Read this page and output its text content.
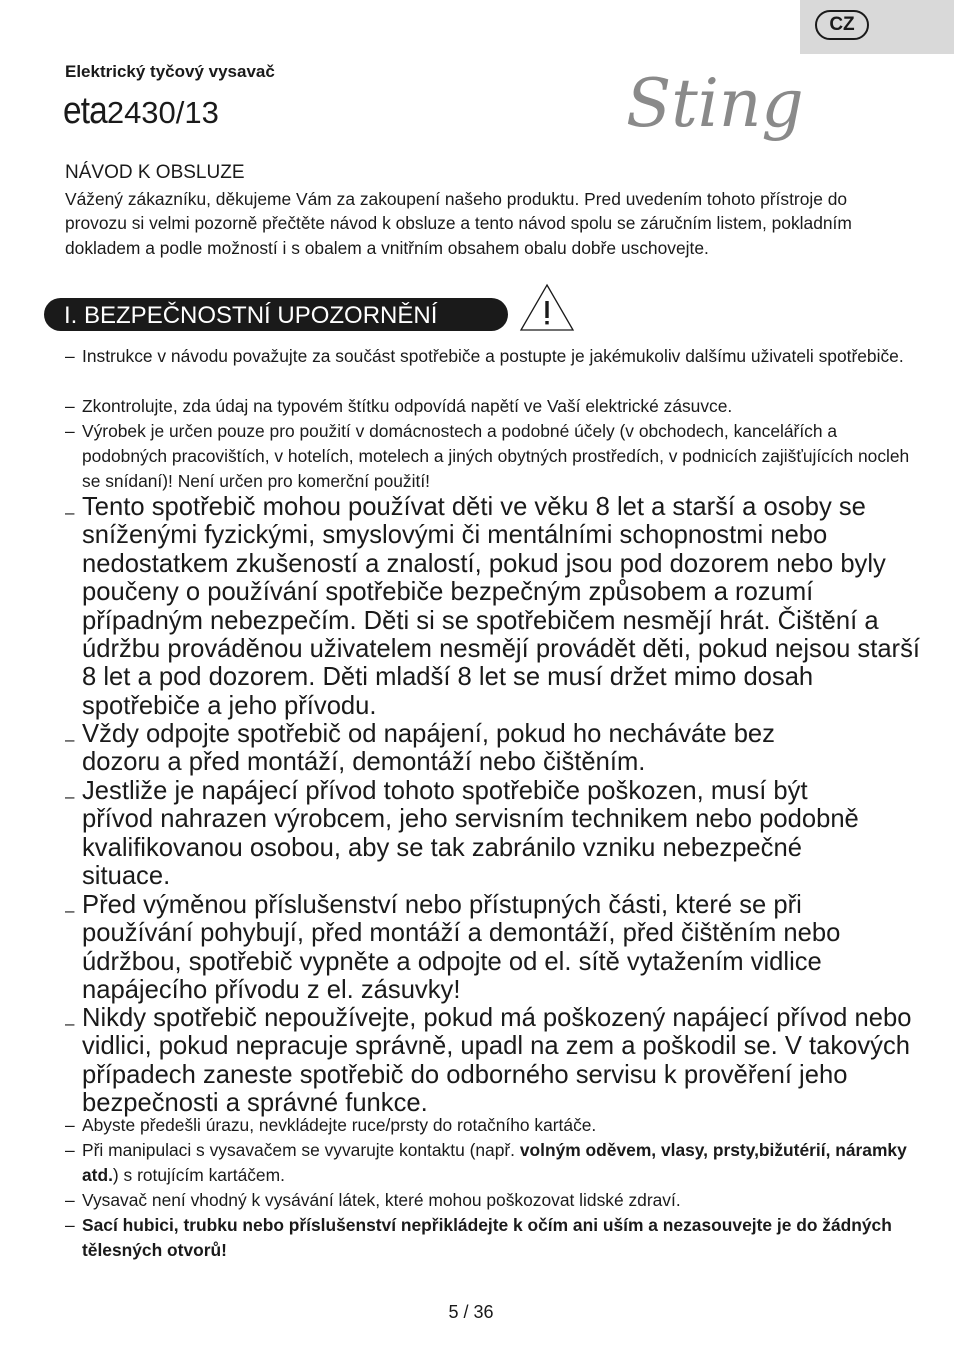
CZ
Elektrický tyčový vysavač
eta2430/13	Sting
NÁVOD K OBSLUZE

Vážený zákazníku, děkujeme Vám za zakoupení našeho produktu. Pred uvedením tohoto přístroje do provozu si velmi pozorně přečtěte návod k obsluze a tento návod spolu se záručním listem, pokladním dokladem a podle možností i s obalem a vnitřním obsahem obalu dobře uschovejte.

I. BEZPEČNOSTNÍ UPOZORNĚNÍ
– Instrukce v návodu považujte za součást spotřebiče a postupte je jakémukoliv dalšímu uživateli spotřebiče.
– Zkontrolujte, zda údaj na typovém štítku odpovídá napětí ve Vaší elektrické zásuvce.
– Výrobek je určen pouze pro použití v domácnostech a podobné účely (v obchodech, kancelářích a podobných pracovištích, v hotelích, motelech a jiných obytných prostředích, v podnicích zajišťujících nocleh se snídaní)! Není určen pro komerční použití!
– Tento spotřebič mohou používat děti ve věku 8 let a starší a osoby se sníženými fyzickými, smyslovými či mentálními schopnostmi nebo nedostatkem zkušeností a znalostí, pokud jsou pod dozorem nebo byly poučeny o používání spotřebiče bezpečným způsobem a rozumí případným nebezpečím. Děti si se spotřebičem nesmějí hrát. Čištění a údržbu prováděnou uživatelem nesmějí provádět děti, pokud nejsou starší 8 let a pod dozorem. Děti mladší 8 let se musí držet mimo dosah spotřebiče a jeho přívodu.
– Vždy odpojte spotřebič od napájení, pokud ho necháváte bez dozoru a před montáží, demontáží nebo čištěním.
– Jestliže je napájecí přívod tohoto spotřebiče poškozen, musí být přívod nahrazen výrobcem, jeho servisním technikem nebo podobně kvalifikovanou osobou, aby se tak zabránilo vzniku nebezpečné situace.
– Před výměnou příslušenství nebo přístupných části, které se při používání pohybují, před montáží a demontáží, před čištěním nebo údržbou, spotřebič vypněte a odpojte od el. sítě vytažením vidlice napájecího přívodu z el. zásuvky!
– Nikdy spotřebič nepoužívejte, pokud má poškozený napájecí přívod nebo vidlici, pokud nepracuje správně, upadl na zem a poškodil se. V takových případech zaneste spotřebič do odborného servisu k prověření jeho bezpečnosti a správné funkce.
– Abyste předešli úrazu, nevkládejte ruce/prsty do rotačního kartáče.
– Při manipulaci s vysavačem se vyvarujte kontaktu (např. volným oděvem, vlasy, prsty,bižutérií, náramky atd.) s rotujícím kartáčem.
– Vysavač není vhodný k vysávání látek, které mohou poškozovat lidské zdraví.
– Sací hubici, trubku nebo příslušenství nepřikládejte k očím ani uším a nezasouvejte je do žádných tělesných otvorů!
5 / 36
